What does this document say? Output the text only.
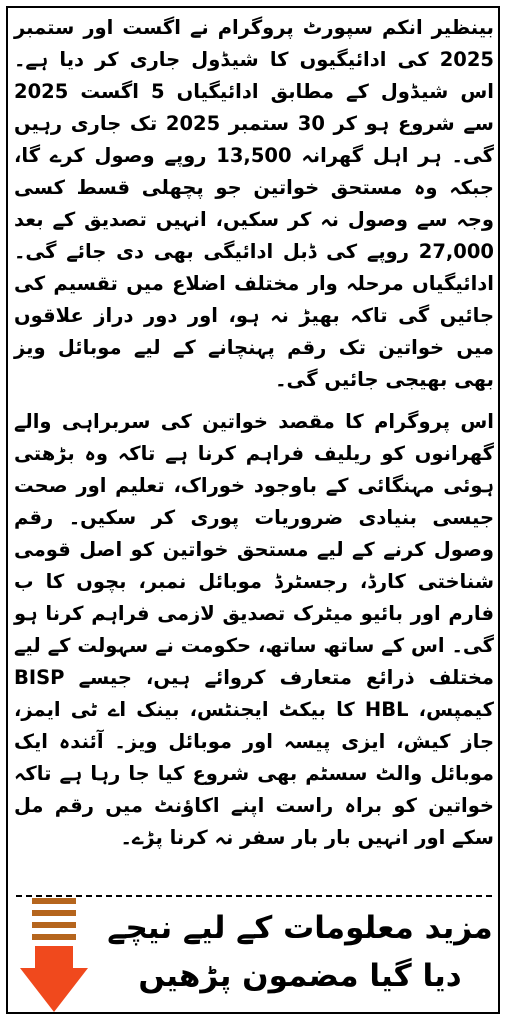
بینظیر انکم سپورٹ پروگرام نے اگست اور ستمبر 2025 کی ادائیگیوں کا شیڈول جاری کر دیا ہے۔ اس شیڈول کے مطابق ادائیگیاں 5 اگست 2025 سے شروع ہو کر 30 ستمبر 2025 تک جاری رہیں گی۔ ہر اہل گھرانہ 13,500 روپے وصول کرے گا، جبکہ وہ مستحق خواتین جو پچھلی قسط کسی وجہ سے وصول نہ کر سکیں، انہیں تصدیق کے بعد 27,000 روپے کی ڈبل ادائیگی بھی دی جائے گی۔ ادائیگیاں مرحلہ وار مختلف اضلاع میں تقسیم کی جائیں گی تاکہ بھیڑ نہ ہو، اور دور دراز علاقوں میں خواتین تک رقم پہنچانے کے لیے موبائل ویز بھی بھیجی جائیں گی۔

اس پروگرام کا مقصد خواتین کی سربراہی والے گھرانوں کو ریلیف فراہم کرنا ہے تاکہ وہ بڑھتی ہوئی مہنگائی کے باوجود خوراک، تعلیم اور صحت جیسی بنیادی ضروریات پوری کر سکیں۔ رقم وصول کرنے کے لیے مستحق خواتین کو اصل قومی شناختی کارڈ، رجسٹرڈ موبائل نمبر، بچوں کا ب فارم اور بائیو میٹرک تصدیق لازمی فراہم کرنا ہو گی۔ اس کے ساتھ ساتھ، حکومت نے سہولت کے لیے مختلف ذرائع متعارف کروائے ہیں، جیسے BISP کیمپس، HBL کا بیکٹ ایجنٹس، بینک اے ٹی ایمز، جاز کیش، ایزی پیسہ اور موبائل ویز۔ آئندہ ایک موبائل والٹ سسٹم بھی شروع کیا جا رہا ہے تاکہ خواتین کو براہ راست اپنے اکاؤنٹ میں رقم مل سکے اور انہیں بار بار سفر نہ کرنا پڑے۔

مزید معلومات کے لیے نیچے
دیا گیا مضمون پڑھیں
